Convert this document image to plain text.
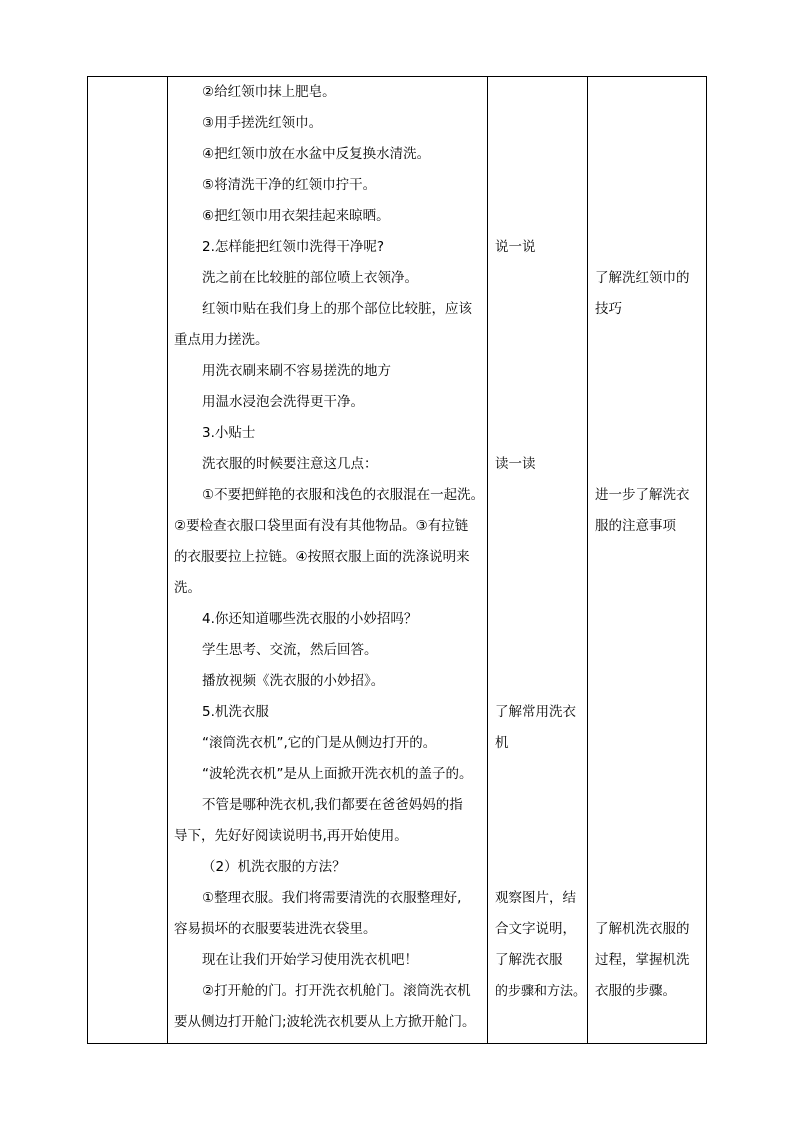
②给红领巾抹上肥皂。
③用手搓洗红领巾。
④把红领巾放在水盆中反复换水清洗。
⑤将清洗干净的红领巾拧干。
⑥把红领巾用衣架挂起来晾晒。
2.怎样能把红领巾洗得干净呢?
洗之前在比较脏的部位喷上衣领净。
红领巾贴在我们身上的那个部位比较脏，应该
重点用力搓洗。
用洗衣刷来刷不容易搓洗的地方
用温水浸泡会洗得更干净。
3.小贴士
洗衣服的时候要注意这几点：
①不要把鲜艳的衣服和浅色的衣服混在一起洗。
②要检查衣服口袋里面有没有其他物品。③有拉链
的衣服要拉上拉链。④按照衣服上面的洗涤说明来
洗。
4.你还知道哪些洗衣服的小妙招吗？
学生思考、交流，然后回答。
播放视频《洗衣服的小妙招》。
5.机洗衣服
“滚筒洗衣机”,它的门是从侧边打开的。
“波轮洗衣机”是从上面掀开洗衣机的盖子的。
不管是哪种洗衣机,我们都要在爸爸妈妈的指
导下，先好好阅读说明书,再开始使用。
（2）机洗衣服的方法？
①整理衣服。我们将需要清洗的衣服整理好,
容易损坏的衣服要装进洗衣袋里。
现在让我们开始学习使用洗衣机吧！
②打开舱的门。打开洗衣机舱门。滚筒洗衣机
要从侧边打开舱门;波轮洗衣机要从上方掀开舱门。
说一说
读一读
了解常用洗衣
机
观察图片，结
合文字说明，
了解洗衣服
的步骤和方法。
了解洗红领巾的
技巧
进一步了解洗衣
服的注意事项
了解机洗衣服的
过程，掌握机洗
衣服的步骤。
